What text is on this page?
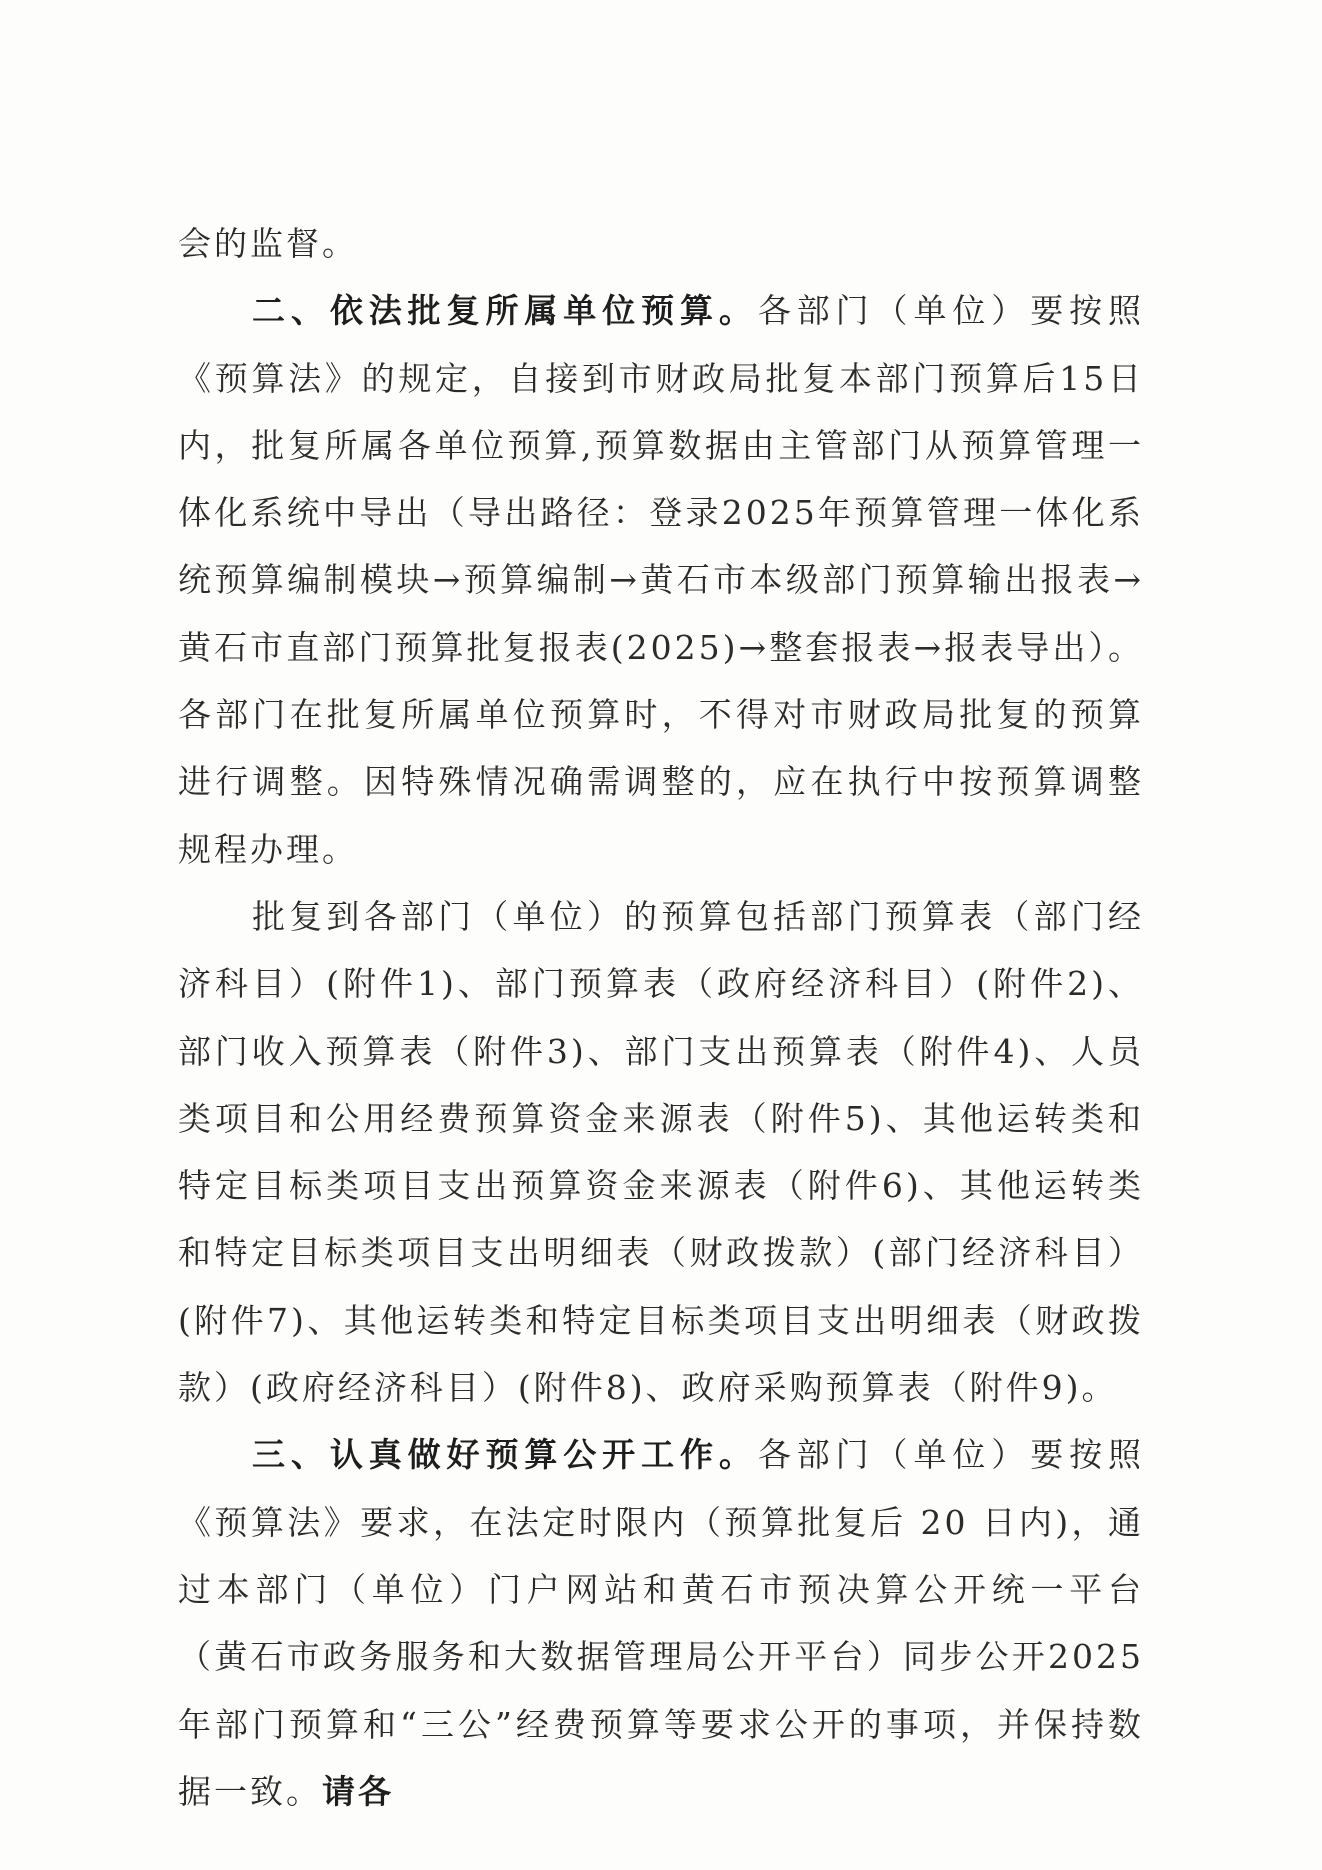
会的监督。

二、依法批复所属单位预算。各部门（单位）要按照《预算法》的规定，自接到市财政局批复本部门预算后15日内，批复所属各单位预算,预算数据由主管部门从预算管理一体化系统中导出（导出路径：登录2025年预算管理一体化系统预算编制模块→预算编制→黄石市本级部门预算输出报表→黄石市直部门预算批复报表(2025)→整套报表→报表导出）。各部门在批复所属单位预算时，不得对市财政局批复的预算进行调整。因特殊情况确需调整的，应在执行中按预算调整规程办理。

批复到各部门（单位）的预算包括部门预算表（部门经济科目）(附件1)、部门预算表（政府经济科目）(附件2)、部门收入预算表（附件3)、部门支出预算表（附件4)、人员类项目和公用经费预算资金来源表（附件5)、其他运转类和特定目标类项目支出预算资金来源表（附件6)、其他运转类和特定目标类项目支出明细表（财政拨款）(部门经济科目）(附件7)、其他运转类和特定目标类项目支出明细表（财政拨款）(政府经济科目）(附件8)、政府采购预算表（附件9)。

三、认真做好预算公开工作。各部门（单位）要按照《预算法》要求，在法定时限内（预算批复后 20 日内)，通过本部门（单位）门户网站和黄石市预决算公开统一平台（黄石市政务服务和大数据管理局公开平台）同步公开2025年部门预算和“三公”经费预算等要求公开的事项，并保持数据一致。请各
